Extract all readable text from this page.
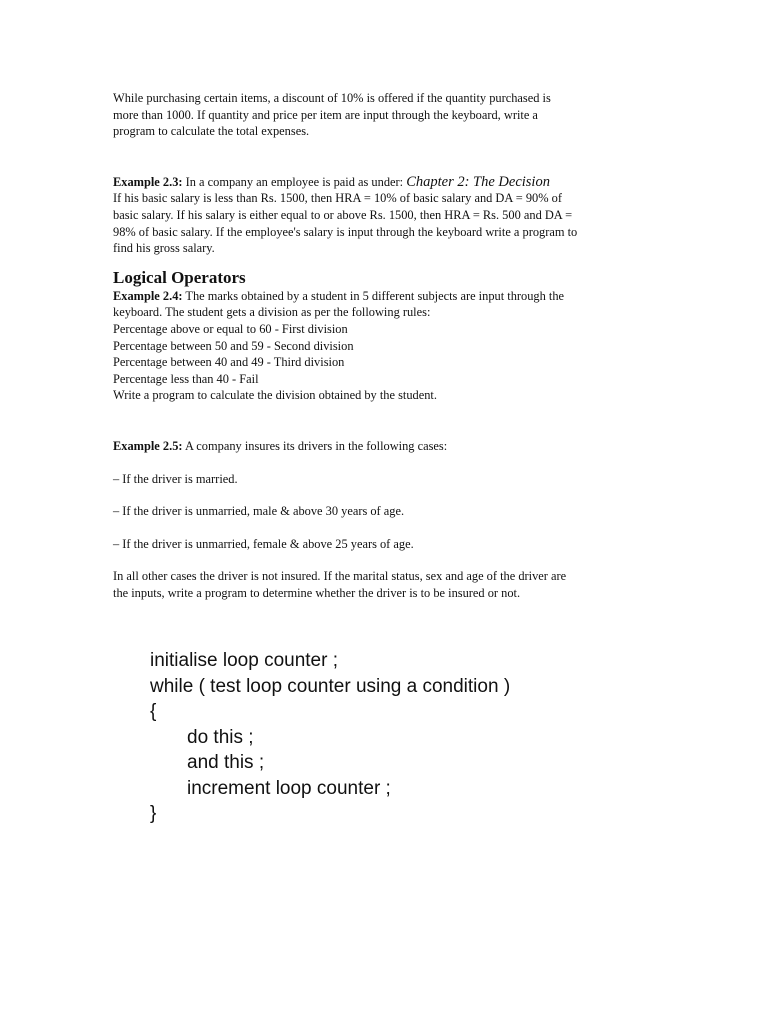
While purchasing certain items, a discount of 10% is offered if the quantity purchased is

more than 1000. If quantity and price per item are input through the keyboard, write a

program to calculate the total expenses.

Example 2.3: In a company an employee is paid as under: Chapter 2: The Decision

If his basic salary is less than Rs. 1500, then HRA = 10% of basic salary and DA = 90% of

basic salary. If his salary is either equal to or above Rs. 1500, then HRA = Rs. 500 and DA =

98% of basic salary. If the employee's salary is input through the keyboard write a program to

find his gross salary.

Logical Operators

Example 2.4: The marks obtained by a student in 5 different subjects are input through the

keyboard. The student gets a division as per the following rules:

Percentage above or equal to 60 - First division

Percentage between 50 and 59 - Second division

Percentage between 40 and 49 - Third division

Percentage less than 40 - Fail

Write a program to calculate the division obtained by the student.

Example 2.5: A company insures its drivers in the following cases:

– If the driver is married.

– If the driver is unmarried, male & above 30 years of age.

– If the driver is unmarried, female & above 25 years of age.

In all other cases the driver is not insured. If the marital status, sex and age of the driver are

the inputs, write a program to determine whether the driver is to be insured or not.

initialise loop counter ;
while ( test loop counter using a condition )
{
do this ;
and this ;
increment loop counter ;
}
